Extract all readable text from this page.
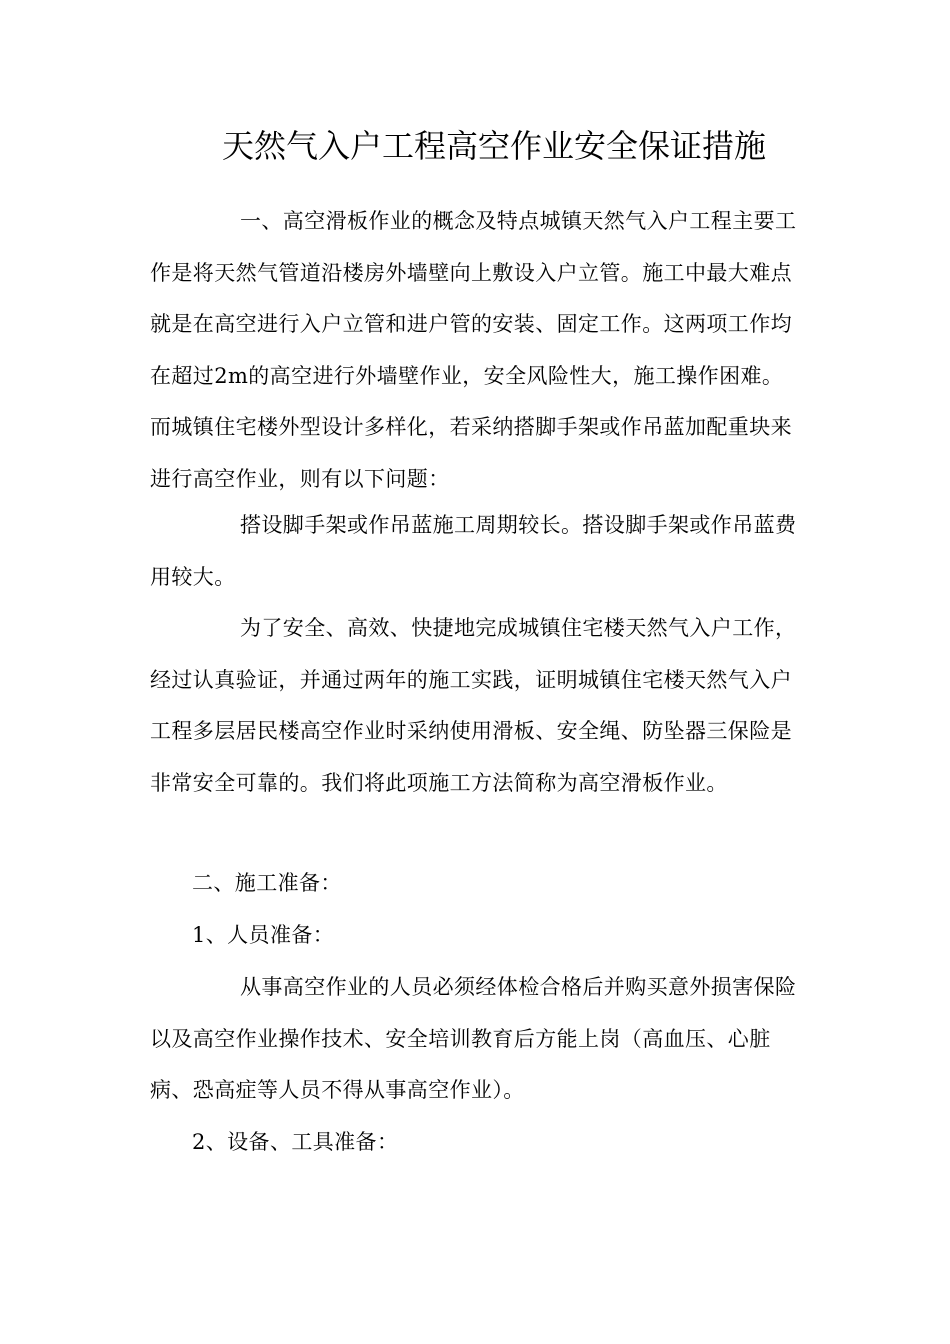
天然气入户工程高空作业安全保证措施

一、高空滑板作业的概念及特点城镇天然气入户工程主要工作是将天然气管道沿楼房外墙壁向上敷设入户立管。施工中最大难点就是在高空进行入户立管和进户管的安装、固定工作。这两项工作均在超过2m的高空进行外墙壁作业，安全风险性大，施工操作困难。而城镇住宅楼外型设计多样化，若采纳搭脚手架或作吊蓝加配重块来进行高空作业，则有以下问题：

搭设脚手架或作吊蓝施工周期较长。搭设脚手架或作吊蓝费用较大。

为了安全、高效、快捷地完成城镇住宅楼天然气入户工作，经过认真验证，并通过两年的施工实践，证明城镇住宅楼天然气入户工程多层居民楼高空作业时采纳使用滑板、安全绳、防坠器三保险是非常安全可靠的。我们将此项施工方法简称为高空滑板作业。

二、施工准备：
1、人员准备：

从事高空作业的人员必须经体检合格后并购买意外损害保险以及高空作业操作技术、安全培训教育后方能上岗（高血压、心脏病、恐高症等人员不得从事高空作业）。

2、设备、工具准备：
